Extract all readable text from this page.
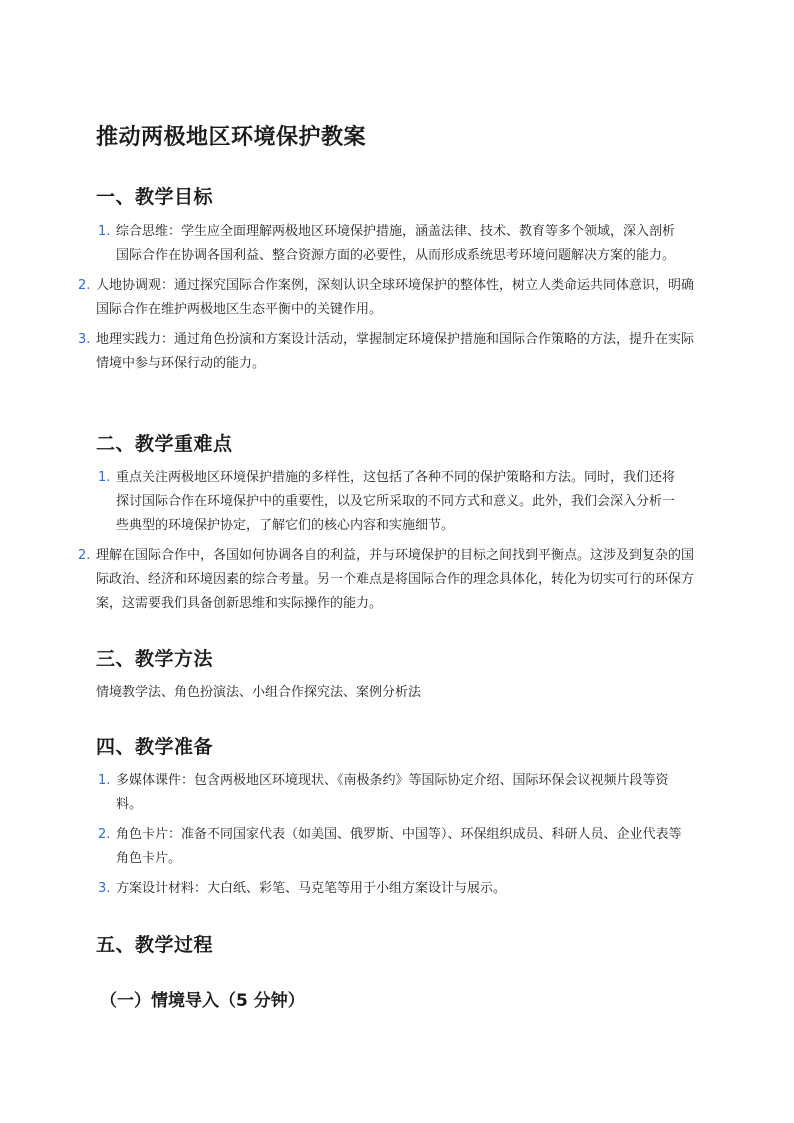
推动两极地区环境保护教案
一、教学目标
1. 综合思维：学生应全面理解两极地区环境保护措施，涵盖法律、技术、教育等多个领域，深入剖析国际合作在协调各国利益、整合资源方面的必要性，从而形成系统思考环境问题解决方案的能力。
2. 人地协调观：通过探究国际合作案例，深刻认识全球环境保护的整体性，树立人类命运共同体意识，明确国际合作在维护两极地区生态平衡中的关键作用。
3. 地理实践力：通过角色扮演和方案设计活动，掌握制定环境保护措施和国际合作策略的方法，提升在实际情境中参与环保行动的能力。
二、教学重难点
1. 重点关注两极地区环境保护措施的多样性，这包括了各种不同的保护策略和方法。同时，我们还将探讨国际合作在环境保护中的重要性，以及它所采取的不同方式和意义。此外，我们会深入分析一些典型的环境保护协定，了解它们的核心内容和实施细节。
2. 理解在国际合作中，各国如何协调各自的利益，并与环境保护的目标之间找到平衡点。这涉及到复杂的国际政治、经济和环境因素的综合考量。另一个难点是将国际合作的理念具体化，转化为切实可行的环保方案，这需要我们具备创新思维和实际操作的能力。
三、教学方法

情境教学法、角色扮演法、小组合作探究法、案例分析法

四、教学准备
1. 多媒体课件：包含两极地区环境现状、《南极条约》等国际协定介绍、国际环保会议视频片段等资料。
2. 角色卡片：准备不同国家代表（如美国、俄罗斯、中国等）、环保组织成员、科研人员、企业代表等角色卡片。
3. 方案设计材料：大白纸、彩笔、马克笔等用于小组方案设计与展示。
五、教学过程
（一）情境导入（5 分钟）
